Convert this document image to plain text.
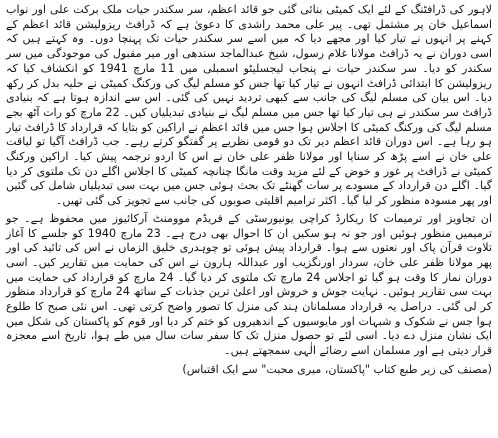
لاہور کی ڈرافٹنگ کے لئے ایک کمیٹی بنائی گئی جو قائد اعظم، سر سکندر حیات ملک برکت علی اور نواب اسماعیل خان پر مشتمل تھی۔ پیر علی محمد راشدی کا دعویٰ ہے کہ ڈرافٹ ریزولیشن قائد اعظم کے کہنے پر انہوں نے تیار کیا اور مجھے دیا کہ میں اسے سر سکندر حیات تک پہنچا دوں۔ وہ کہتے ہیں کہ اسی دوران نے یہ ڈرافٹ مولانا غلام رسول، شیخ عبدالماجد سندھی اور میر مقبول کی موجودگی میں سر سکندر کو دیا۔ سر سکندر حیات نے پنجاب لیجسلیٹو اسمبلی میں 11 مارچ 1941 کو انکشاف کیا کہ ریزولیشن کا ابتدائی ڈرافٹ انہوں نے تیار کیا تھا جس کو مسلم لیگ کی ورکنگ کمیٹی نے حلیہ بدل کر رکھ دیا۔ اس بیان کی مسلم لیگ کی جانب سے کبھی تردید نہیں کی گئی۔ اس سے اندازہ ہوتا ہے کہ بنیادی ڈرافٹ سر سکندر نے ہی تیار کیا تھا جس میں مسلم لیگ نے بنیادی تبدیلیاں کیں۔ 22 مارچ کو رات آٹھ بجے مسلم لیگ کی ورکنگ کمیٹی کا اجلاس ہوا جس میں قائد اعظم نے اراکین کو بتایا کہ قرارداد کا ڈرافٹ تیار ہو رہا ہے۔ اس دوران قائد اعظم دیر تک دو قومی نظریے پر گفتگو کرتے رہے۔ جب ڈرافٹ آگیا تو لیاقت علی خان نے اسے پڑھ کر سنایا اور مولانا ظفر علی خان نے اس کا اردو ترجمہ پیش کیا۔ اراکین ورکنگ کمیٹی نے ڈرافٹ پر غور و خوض کے لئے مزید وقت مانگا چنانچہ کمیٹی کا اجلاس اگلے دن تک ملتوی کر دیا گیا۔ اگلے دن قرارداد کے مسودے پر سات گھنٹے تک بحث ہوئی جس میں بہت سی تبدیلیاں شامل کی گئیں اور پھر مسودہ منظور کر لیا گیا۔ اکثر ترامیم اقلیتی صوبوں کی جانب سے تجویز کی گئی تھیں۔

ان تجاویز اور ترمیمات کا ریکارڈ کراچی یونیورسٹی کے فریڈم موومنٹ آرکائیوز میں محفوظ ہے۔ جو ترمیمیں منظور ہوئیں اور جو نہ ہو سکیں ان کا احوال بھی درج ہے۔ 23 مارچ 1940 کو جلسے کا آغاز تلاوت قرآن پاک اور نعتوں سے ہوا۔ قرارداد پیش ہوئی تو چوہدری خلیق الزماں نے اس کی تائید کی اور پھر مولانا ظفر علی خان، سردار اورنگزیب اور عبداللہ ہارون نے اس کی حمایت میں تقاریر کیں۔ اسی دوران نماز کا وقت ہو گیا تو اجلاس 24 مارچ تک ملتوی کر دیا گیا۔ 24 مارچ کو قرارداد کی حمایت میں بہت سی تقاریر ہوئیں۔ نہایت جوش و خروش اور اعلیٰ ترین جذبات کے ساتھ 24 مارچ کو قرارداد منظور کر لی گئی۔ دراصل یہ قرارداد مسلمانان ہند کی منزل کا تصور واضح کرتی تھی۔ اس نئی صبح کا طلوع ہوا جس نے شکوک و شبہات اور مایوسیوں کے اندھیروں کو ختم کر دیا اور قوم کو پاکستان کی شکل میں ایک نشان منزل دے دیا۔ اسی لئے تو حصول منزل تک کا سفر سات سال میں طے ہوا، تاریخ اسے معجزہ قرار دیتی ہے اور مسلمان اسے رضائے الٰہی سمجھتے ہیں۔

(مصنف کی زیر طبع کتاب "پاکستان، میری محبت" سے ایک اقتباس)
